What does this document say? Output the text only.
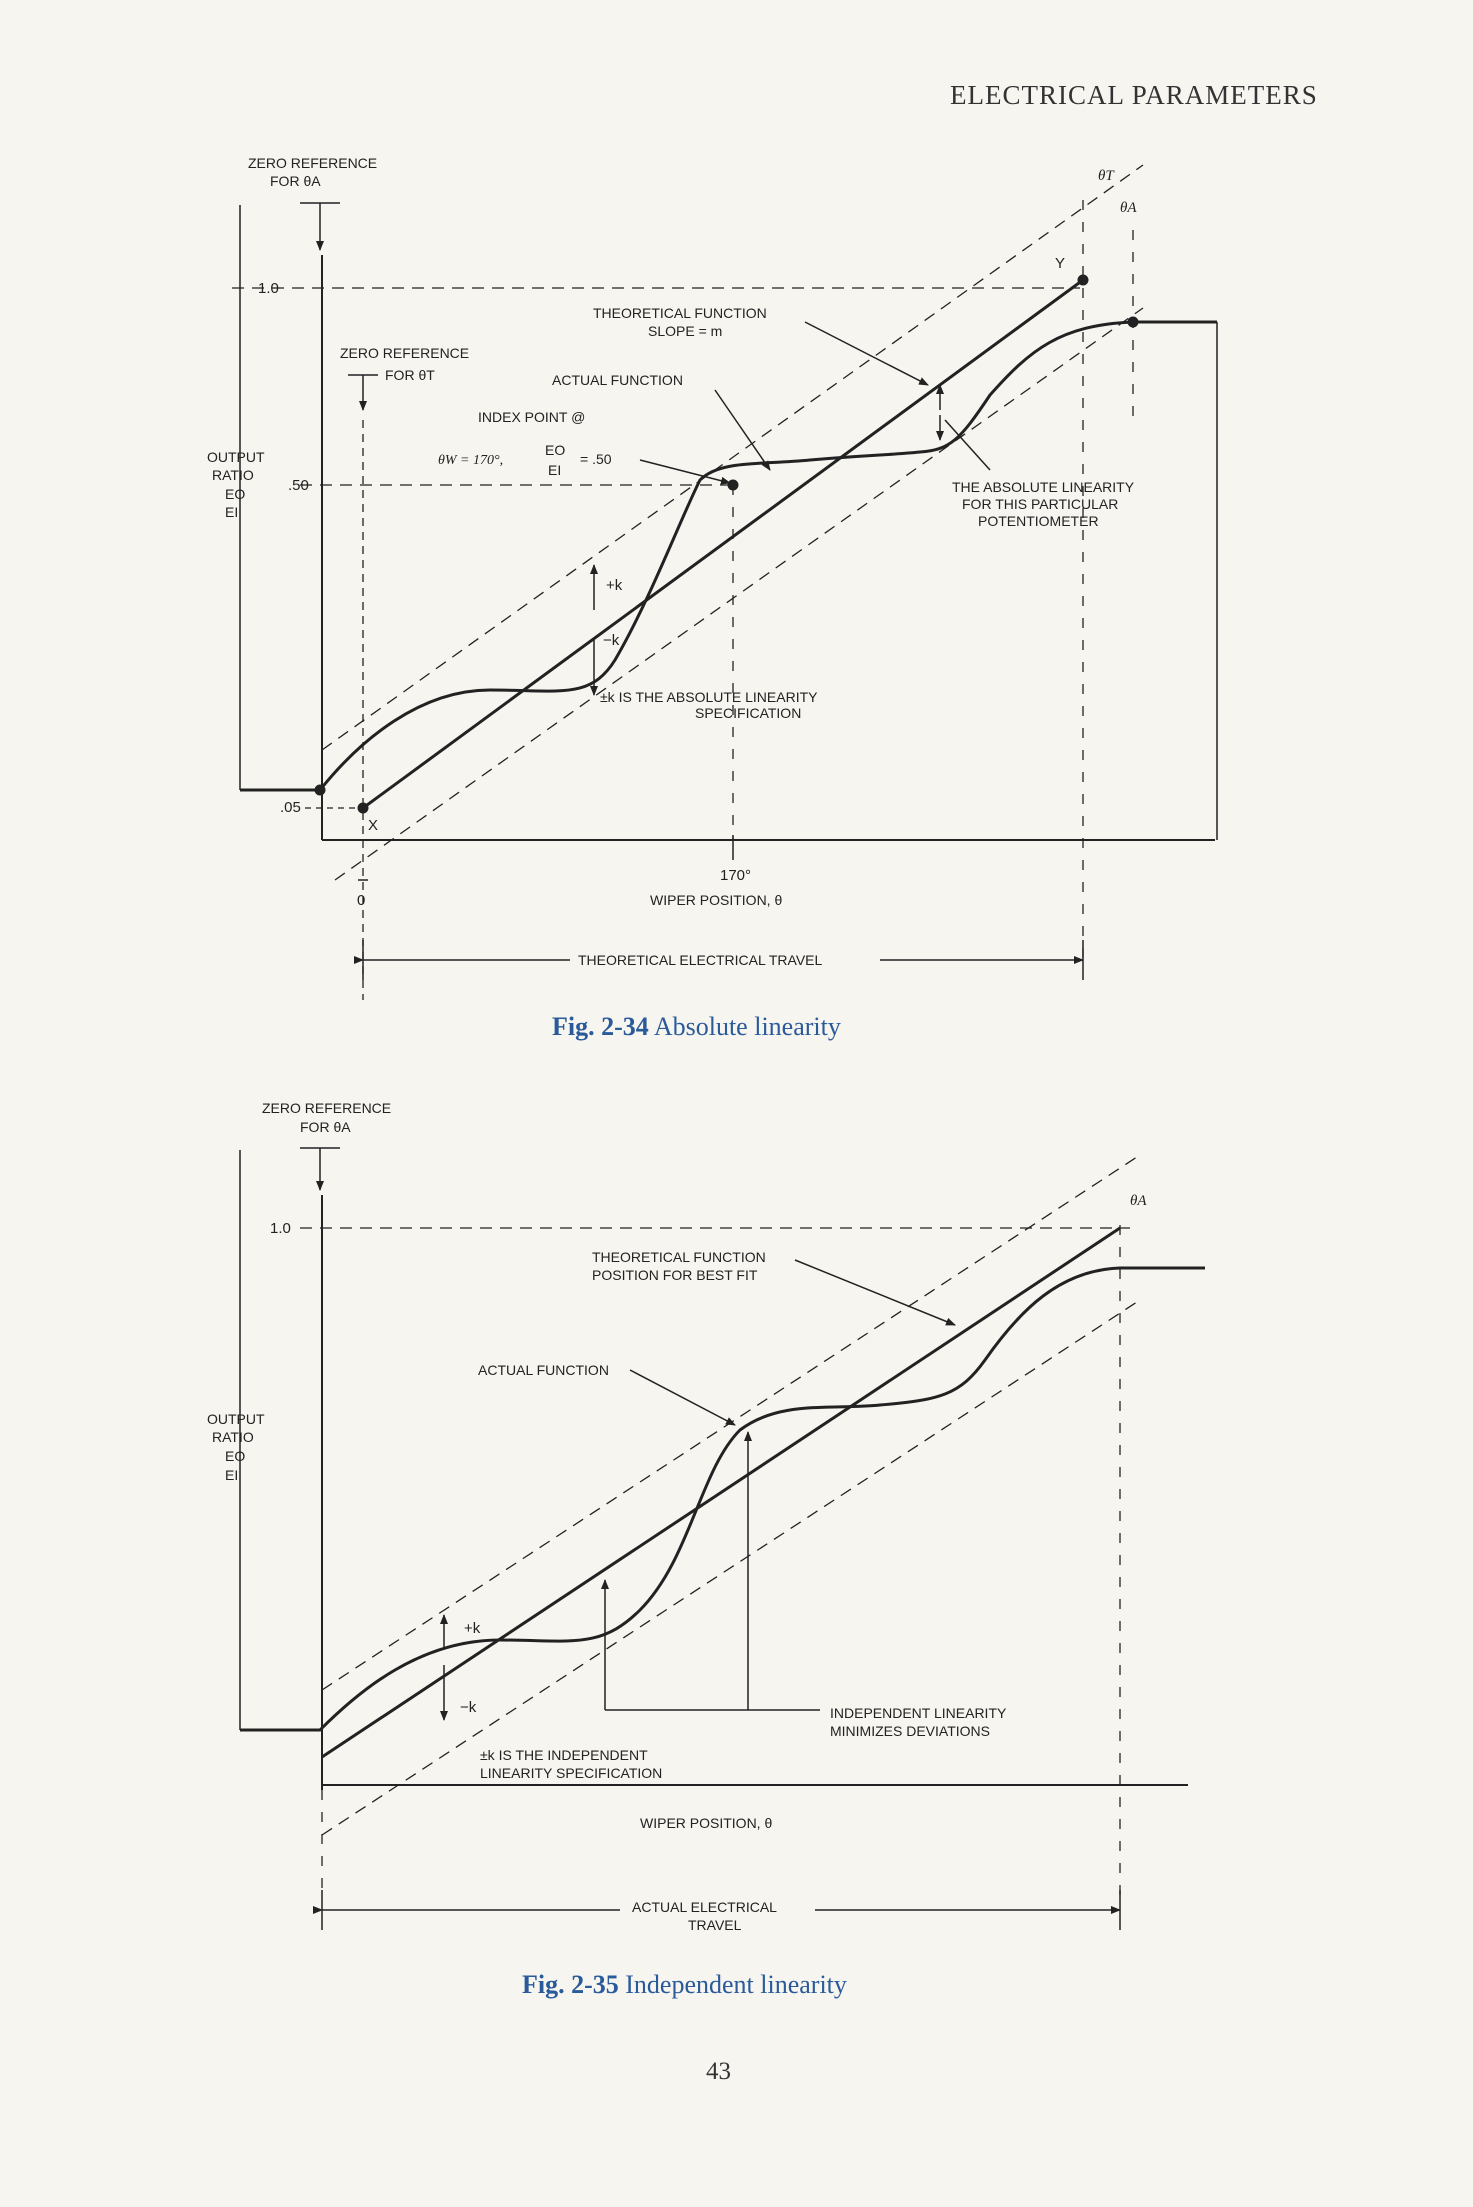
ELECTRICAL PARAMETERS
ZERO REFERENCE
FOR θA
ZERO REFERENCE
FOR θT
1.0
.50
.05
OUTPUT
RATIO
EO
EI
θT
θA
Y
X
THEORETICAL FUNCTION
SLOPE = m
ACTUAL FUNCTION
INDEX POINT @
θW = 170°,
EO
EI
= .50
THE ABSOLUTE LINEARITY
FOR THIS PARTICULAR
POTENTIOMETER
+k
−k
±k IS THE ABSOLUTE LINEARITY
SPECIFICATION
170°
0	WIPER POSITION, θ
THEORETICAL ELECTRICAL TRAVEL
ZERO REFERENCE
FOR θA
1.0
OUTPUT
RATIO
EO
EI
θA
THEORETICAL FUNCTION
POSITION FOR BEST FIT
ACTUAL FUNCTION
+k
−k
±k IS THE INDEPENDENT
LINEARITY SPECIFICATION
INDEPENDENT LINEARITY
MINIMIZES DEVIATIONS
WIPER POSITION, θ
ACTUAL ELECTRICAL
TRAVEL
Fig. 2-34 Absolute linearity
Fig. 2-35 Independent linearity
43
